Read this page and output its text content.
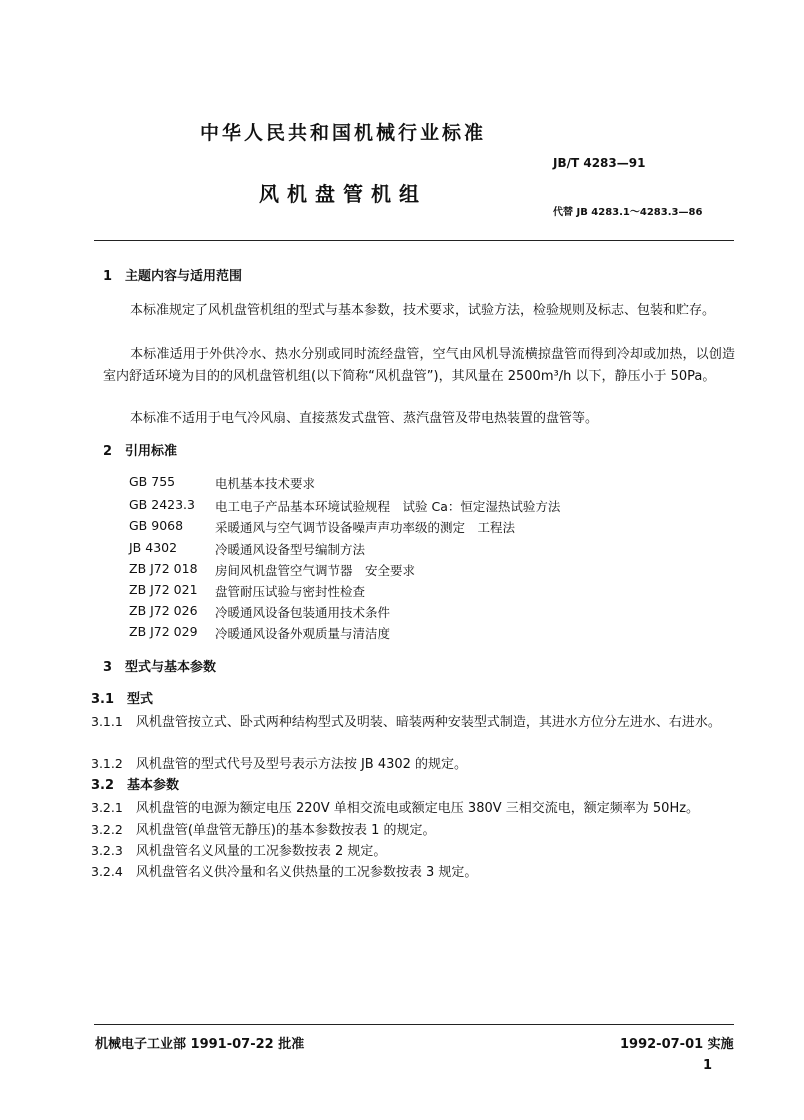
中华人民共和国机械行业标准
JB/T 4283—91
风机盘管机组
代替 JB 4283.1～4283.3—86
1　主题内容与适用范围
本标准规定了风机盘管机组的型式与基本参数，技术要求，试验方法，检验规则及标志、包装和贮存。
本标准适用于外供冷水、热水分别或同时流经盘管，空气由风机导流横掠盘管而得到冷却或加热，以创造室内舒适环境为目的的风机盘管机组(以下简称“风机盘管”)，其风量在 2500m³/h 以下，静压小于 50Pa。
本标准不适用于电气冷风扇、直接蒸发式盘管、蒸汽盘管及带电热装置的盘管等。
2　引用标准
GB 755	电机基本技术要求
GB 2423.3 电工电子产品基本环境试验规程　试验 Ca：恒定湿热试验方法
GB 9068	采暖通风与空气调节设备噪声声功率级的测定　工程法
JB 4302	冷暖通风设备型号编制方法
ZB J72 018 房间风机盘管空气调节器　安全要求
ZB J72 021 盘管耐压试验与密封性检查
ZB J72 026 冷暖通风设备包装通用技术条件
ZB J72 029 冷暖通风设备外观质量与清洁度
3　型式与基本参数
3.1　型式
3.1.1　 风机盘管按立式、卧式两种结构型式及明装、暗装两种安装型式制造，其进水方位分左进水、右进水。
3.1.2　 风机盘管的型式代号及型号表示方法按 JB 4302 的规定。
3.2　基本参数
3.2.1　 风机盘管的电源为额定电压 220V 单相交流电或额定电压 380V 三相交流电，额定频率为 50Hz。
3.2.2　 风机盘管(单盘管无静压)的基本参数按表 1 的规定。
3.2.3　 风机盘管名义风量的工况参数按表 2 规定。
3.2.4　 风机盘管名义供冷量和名义供热量的工况参数按表 3 规定。
机械电子工业部 1991-07-22 批准	1992-07-01 实施
1
